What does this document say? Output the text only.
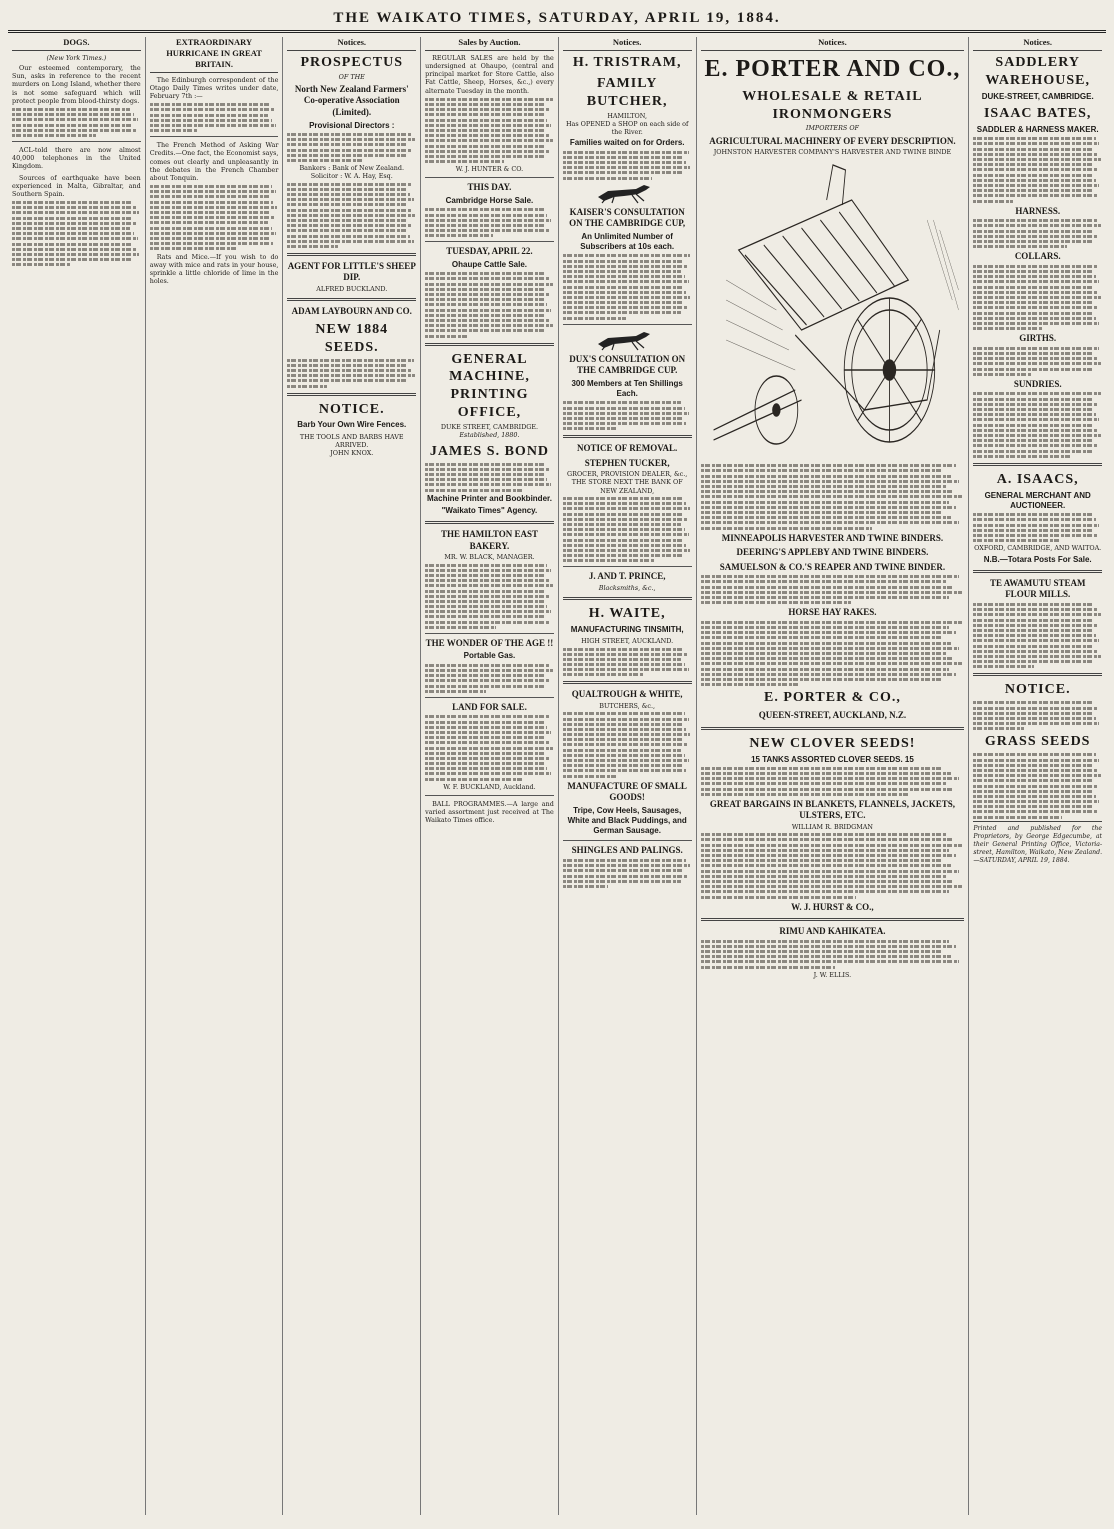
THE WAIKATO TIMES, SATURDAY, APRIL 19, 1884.
DOGS.
(New York Times.)

Our esteemed contemporary, the Sun, asks in reference to the recent murders on Long Island, whether there is not some safeguard which will protect people from blood-thirsty dogs.

ACL-told there are now almost 40,000 telephones in the United Kingdom.

Sources of earthquake have been experienced in Malta, Gibraltar, and Southern Spain.

EXTRAORDINARY HURRICANE IN GREAT BRITAIN.

The Edinburgh correspondent of the Otago Daily Times writes under date, February 7th :—

The French Method of Asking War Credits.—One fact, the Economist says, comes out clearly and unpleasantly in the debates in the French Chamber about Tonquin.

Rats and Mice.—If you wish to do away with mice and rats in your house, sprinkle a little chloride of lime in the holes.

Notices.
PROSPECTUS
OF THE
North New Zealand Farmers' Co-operative Association (Limited).
Provisional Directors :
Bankers : Bank of New Zealand.
Solicitor : W. A. Hay, Esq.
AGENT FOR LITTLE'S SHEEP DIP.
ALFRED BUCKLAND.
ADAM LAYBOURN AND CO.
NEW 1884 SEEDS.
NOTICE.
Barb Your Own Wire Fences.
THE TOOLS AND BARBS HAVE ARRIVED.
JOHN KNOX.
Sales by Auction.

REGULAR SALES are held by the undersigned at Ohaupo, (central and principal market for Store Cattle, also Fat Cattle, Sheep, Horses, &c.,) every alternate Tuesday in the month.

W. J. HUNTER & CO.
THIS DAY.
Cambridge Horse Sale.
TUESDAY, APRIL 22.
Ohaupe Cattle Sale.
GENERAL MACHINE, PRINTING OFFICE,
DUKE STREET, CAMBRIDGE.
Established, 1880.
JAMES S. BOND
Machine Printer and Bookbinder.
"Waikato Times" Agency.
THE HAMILTON EAST BAKERY.
MR. W. BLACK, MANAGER.
THE WONDER OF THE AGE !!
Portable Gas.
LAND FOR SALE.
W. F. BUCKLAND, Auckland.

BALL PROGRAMMES.—A large and varied assortment just received at The Waikato Times office.

Notices.
H. TRISTRAM,
FAMILY BUTCHER,
HAMILTON,
Has OPENED a SHOP on each side of the River.
Families waited on for Orders.
KAISER'S CONSULTATION ON THE CAMBRIDGE CUP,
An Unlimited Number of Subscribers at 10s each.
DUX'S CONSULTATION ON THE CAMBRIDGE CUP.
300 Members at Ten Shillings Each.
NOTICE OF REMOVAL.
STEPHEN TUCKER,
GROCER, PROVISION DEALER, &c.,
THE STORE NEXT THE BANK OF NEW ZEALAND,
J. AND T. PRINCE,
Blacksmiths, &c.,
H. WAITE,
MANUFACTURING TINSMITH,
HIGH STREET, AUCKLAND.
QUALTROUGH & WHITE,
BUTCHERS, &c.,
MANUFACTURE OF SMALL GOODS!
Tripe, Cow Heels, Sausages, White and Black Puddings, and German Sausage.
SHINGLES AND PALINGS.
Notices.
E. PORTER AND CO.,
WHOLESALE & RETAIL IRONMONGERS
IMPORTERS OF
AGRICULTURAL MACHINERY OF EVERY DESCRIPTION.
JOHNSTON HARVESTER COMPANY'S HARVESTER AND TWINE BINDE
MINNEAPOLIS HARVESTER AND TWINE BINDERS.
DEERING'S APPLEBY AND TWINE BINDERS.
SAMUELSON & CO.'S REAPER AND TWINE BINDER.
HORSE HAY RAKES.
E. PORTER & CO.,
QUEEN-STREET, AUCKLAND, N.Z.
NEW CLOVER SEEDS!
15 TANKS ASSORTED CLOVER SEEDS. 15
GREAT BARGAINS IN BLANKETS, FLANNELS, JACKETS, ULSTERS, ETC.
WILLIAM R. BRIDGMAN
W. J. HURST & CO.,
RIMU AND KAHIKATEA.
J. W. ELLIS.
Notices.
SADDLERY WAREHOUSE,
DUKE-STREET, CAMBRIDGE.
ISAAC BATES,
SADDLER & HARNESS MAKER.
HARNESS.
COLLARS.
GIRTHS.
SUNDRIES.
A. ISAACS,
GENERAL MERCHANT AND AUCTIONEER.
OXFORD, CAMBRIDGE, AND WAITOA.
N.B.—Totara Posts For Sale.
TE AWAMUTU STEAM FLOUR MILLS.
NOTICE.
GRASS SEEDS
Printed and published for the Proprietors, by George Edgecumbe, at their General Printing Office, Victoria-street, Hamilton, Waikato, New Zealand.—SATURDAY, APRIL 19, 1884.
